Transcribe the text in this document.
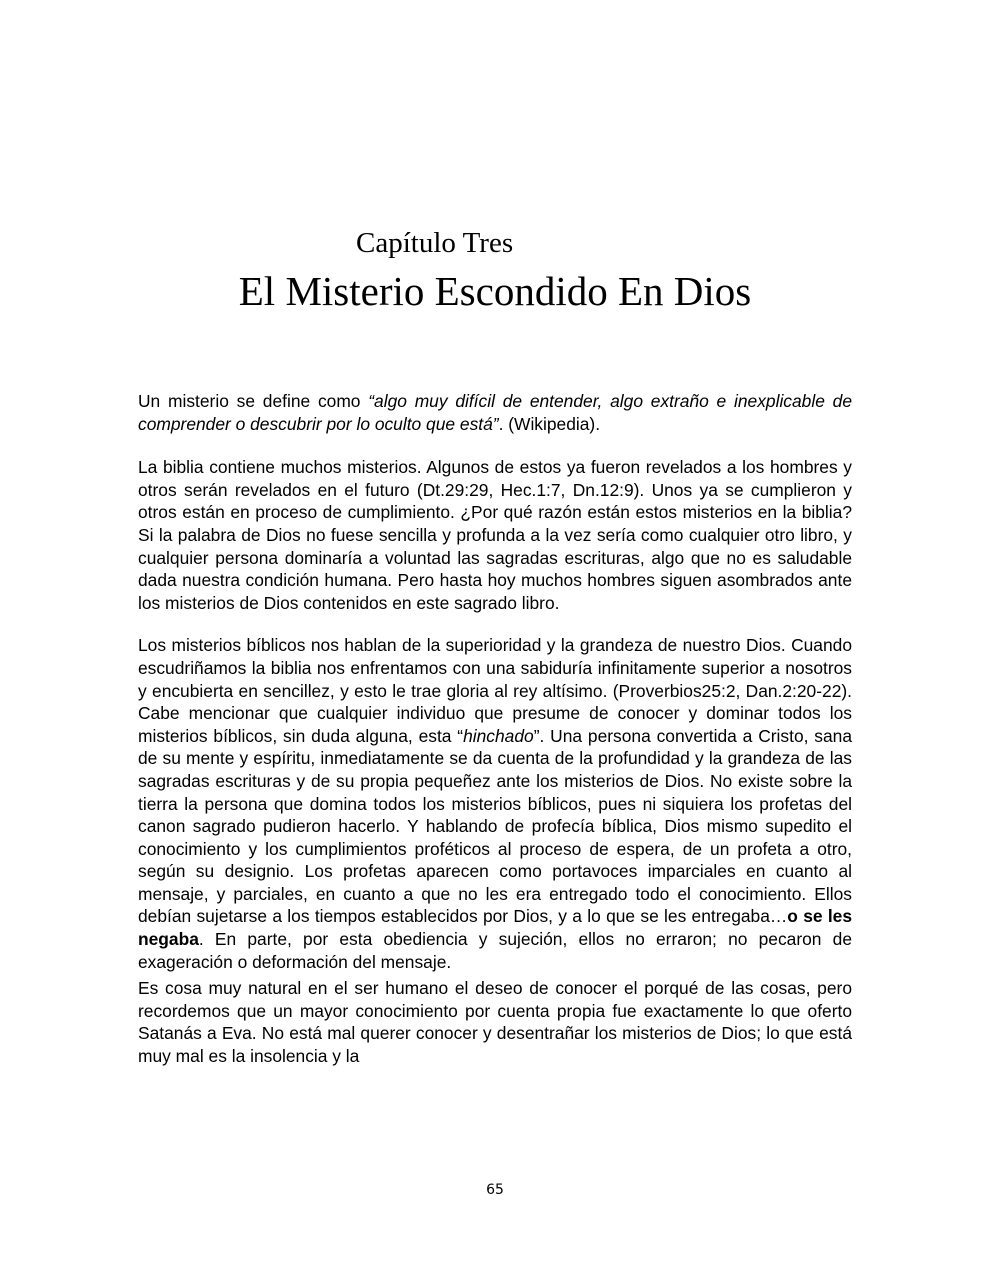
Capítulo Tres
El Misterio Escondido En Dios

Un misterio se define como “algo muy difícil de entender, algo extraño e inexplicable de comprender o descubrir por lo oculto que está”. (Wikipedia).

La biblia contiene muchos misterios. Algunos de estos ya fueron revelados a los hombres y otros serán revelados en el futuro (Dt.29:29, Hec.1:7, Dn.12:9). Unos ya se cumplieron y otros están en proceso de cumplimiento. ¿Por qué razón están estos misterios en la biblia? Si la palabra de Dios no fuese sencilla y profunda a la vez sería como cualquier otro libro, y cualquier persona dominaría a voluntad las sagradas escrituras, algo que no es saludable dada nuestra condición humana. Pero hasta hoy muchos hombres siguen asombrados ante los misterios de Dios contenidos en este sagrado libro.

Los misterios bíblicos nos hablan de la superioridad y la grandeza de nuestro Dios. Cuando escudriñamos la biblia nos enfrentamos con una sabiduría infinitamente superior a nosotros y encubierta en sencillez, y esto le trae gloria al rey altísimo. (Proverbios25:2, Dan.2:20-22). Cabe mencionar que cualquier individuo que presume de conocer y dominar todos los misterios bíblicos, sin duda alguna, esta “hinchado”. Una persona convertida a Cristo, sana de su mente y espíritu, inmediatamente se da cuenta de la profundidad y la grandeza de las sagradas escrituras y de su propia pequeñez ante los misterios de Dios. No existe sobre la tierra la persona que domina todos los misterios bíblicos, pues ni siquiera los profetas del canon sagrado pudieron hacerlo. Y hablando de profecía bíblica, Dios mismo supedito el conocimiento y los cumplimientos proféticos al proceso de espera, de un profeta a otro, según su designio. Los profetas aparecen como portavoces imparciales en cuanto al mensaje, y parciales, en cuanto a que no les era entregado todo el conocimiento. Ellos debían sujetarse a los tiempos establecidos por Dios, y a lo que se les entregaba…o se les negaba. En parte, por esta obediencia y sujeción, ellos no erraron; no pecaron de exageración o deformación del mensaje.

Es cosa muy natural en el ser humano el deseo de conocer el porqué de las cosas, pero recordemos que un mayor conocimiento por cuenta propia fue exactamente lo que oferto Satanás a Eva. No está mal querer conocer y desentrañar los misterios de Dios; lo que está muy mal es la insolencia y la

65
